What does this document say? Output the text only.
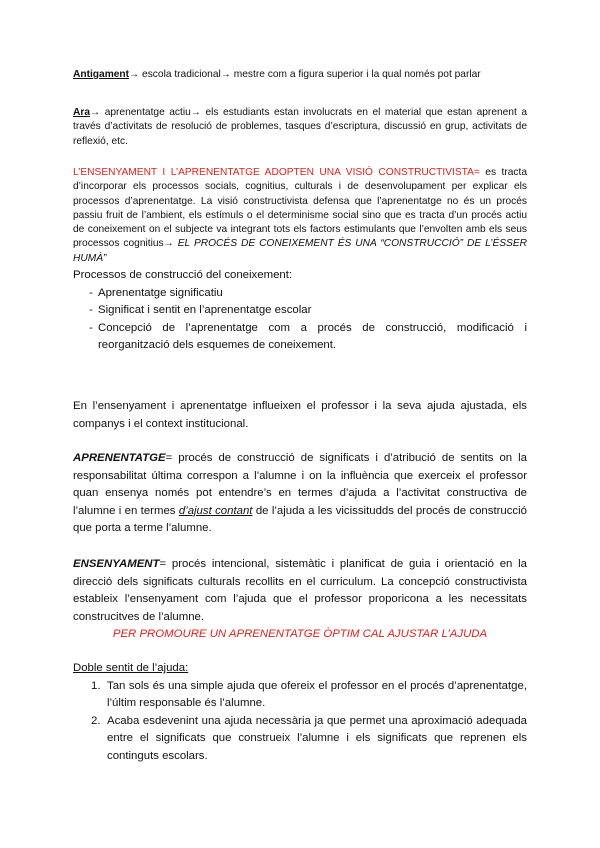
Antigament→ escola tradicional→ mestre com a figura superior i la qual només pot parlar

Ara→ aprenentatge actiu→ els estudiants estan involucrats en el material que estan aprenent a través d’activitats de resolució de problemes, tasques d’escriptura, discussió en grup, activitats de reflexió, etc.

L’ENSENYAMENT I L’APRENENTATGE ADOPTEN UNA VISIÓ CONSTRUCTIVISTA= es tracta d’incorporar els processos socials, cognitius, culturals i de desenvolupament per explicar els processos d’aprenentatge. La visió constructivista defensa que l’aprenentatge no és un procés passiu fruit de l’ambient, els estímuls o el determinisme social sino que es tracta d’un procés actiu de coneixement on el subjecte va integrant tots els factors estimulants que l’envolten amb els seus processos cognitius→ EL PROCÉS DE CONEIXEMENT ÉS UNA “CONSTRUCCIÓ” DE L’ÉSSER HUMÀ”

Processos de construcció del coneixement:
- Aprenentatge significatiu
- Significat i sentit en l’aprenentatge escolar
- Concepció de l’aprenentatge com a procés de construcció, modificació i reorganització dels esquemes de coneixement.

En l’ensenyament i aprenentatge influeixen el professor i la seva ajuda ajustada, els companys i el context institucional.

APRENENTATGE= procés de construcció de significats i d’atribució de sentits on la responsabilitat última correspon a l’alumne i on la influència que exerceix el professor quan ensenya només pot entendre’s en termes d’ajuda a l’activitat constructiva de l’alumne i en termes d’ajust contant de l’ajuda a les vicissitudds del procés de construcció que porta a terme l’alumne.

ENSENYAMENT= procés intencional, sistemàtic i planificat de guia i orientació en la direcció dels significats culturals recollits en el curriculum. La concepció constructivista estableix l’ensenyament com l’ajuda que el professor proporicona a les necessitats construcitves de l’alumne.

PER PROMOURE UN APRENENTATGE ÒPTIM CAL AJUSTAR L’AJUDA
Doble sentit de l’ajuda:
1. Tan sols és una simple ajuda que ofereix el professor en el procés d’aprenentatge, l’últim responsable és l’alumne.
2. Acaba esdevenint una ajuda necessària ja que permet una aproximació adequada entre el significats que construeix l’alumne i els significats que reprenen els continguts escolars.
